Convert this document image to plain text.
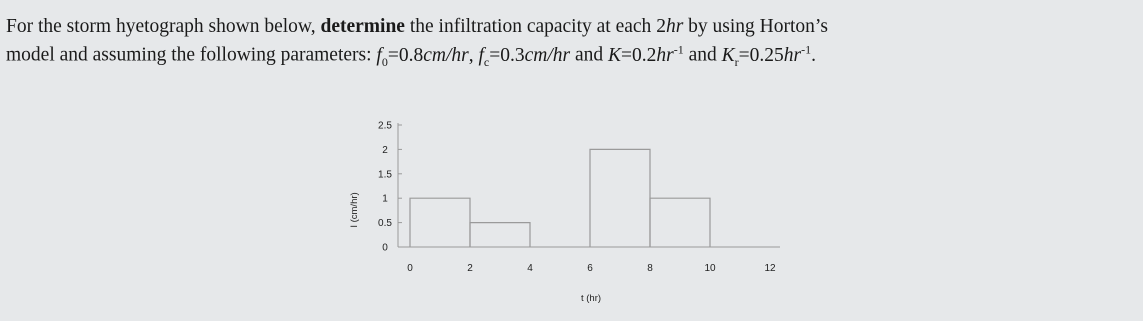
For the storm hyetograph shown below, determine the infiltration capacity at each 2hr by using Horton’s
model and assuming the following parameters: $f_0=0.8cm/hr$, $f_c=0.3cm/hr$ and $K=0.2hr^{-1}$ and $K_r=0.25hr^{-1}$.
0
0.5
1
1.5
2
2.5
0	2	4	6	8	10	12
t (hr)
I (cm/hr)
